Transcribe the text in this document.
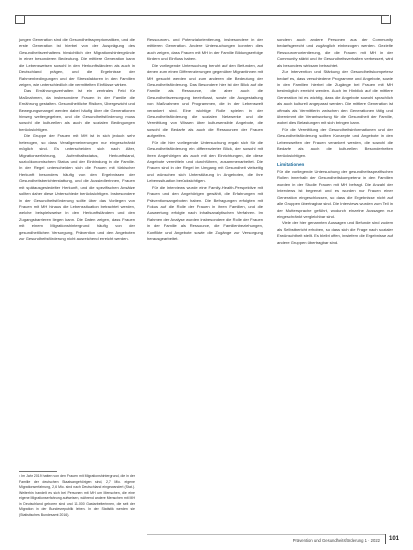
jungen Generation sind die Gesundheitssymptomatiken, und die erste Generation ist hierbei von der Ausprägung des Gesundheitsverhaltens hinsichtlich der Migrationshintergründe in einer besonderen Bedeutung. Die mittlere Generation kann die Lebensweisen sowohl in den Herkunftsländern als auch in Deutschland prägen, und die Ergebnisse der Rahmenbedingungen und der Stressfaktoren in den Familien zeigen, wie unterschiedlich die vermittelten Einflüsse wirken.

Das Ernährungsverhalten ist ein zentrales Feld für Maßnahmen, da insbesondere Frauen in der Familie die Ernährung gestalten. Gesundheitliche Risiken, Übergewicht und Bewegungsmangel werden dabei häufig über die Generationen hinweg weitergegeben, und die Gesundheitsförderung muss sowohl die kulturellen als auch die sozialen Bedingungen berücksichtigen.

Die Gruppe der Frauen mit MH ist in sich jedoch sehr heterogen, so dass Verallgemeinerungen nur eingeschränkt möglich sind. Es unterscheiden sich nach Alter, Migrationserfahrung, Aufenthaltsstatus, Herkunftsland, sozioökonomischem Status und der Einbindung in die Familie. In der Regel unterscheiden sich die Frauen mit türkischer Herkunft besonders häufig von den Ergebnissen der Gesundheitsberichterstattung, und die Aussiedlerinnen, Frauen mit spätausgesiedelter Herkunft, und die spezifischen Ansätze sollten daher diese Unterschiede berücksichtigen. Insbesondere in der Gesundheitsförderung sollte über das Vorliegen von Frauen mit MH hinaus die Lebenssituation betrachtet werden, welche beispielsweise in den Herkunftsländern und den Zugangsbarrieren liegen kann. Die Daten zeigen, dass Frauen mit einem Migrationshintergrund häufig von der gesundheitlichen Versorgung, Prävention und den Angeboten zur Gesundheitsförderung nicht ausreichend erreicht werden.

Ressourcen- und Potenzialorientierung, insbesondere in der mittleren Generation. Andere Untersuchungen konnten dies auch zeigen, dass Frauen mit MH in der Familie Bildungserfolge fördern und Einfluss haben.

Die vorliegende Untersuchung beruht auf den Befunden, auf denen zum einen Differenzierungen gegenüber Migrantinnen mit MH gesucht werden und zum anderen die Bedeutung der Gesundheitsförderung. Das Besondere hier ist der Blick auf die Familie als Ressource, die aber auch die Gesundheitsversorgung beeinflusst, sowie die Ausgestaltung von Maßnahmen und Programmen, die in der Lebenswelt verankert sind. Eine wichtige Rolle spielen in der Gesundheitsförderung die sozialen Netzwerke und die Vermittlung von Wissen über kultursensible Angebote, die sowohl die Bedarfe als auch die Ressourcen der Frauen aufgreifen.

Für die hier vorliegende Untersuchung ergab sich für die Gesundheitsförderung ein differenzierter Blick, der sowohl mit ihren Angehörigen als auch mit den Einrichtungen, die diese Angebote vermitteln und durchführen, zusammenarbeitet. Die Frauen sind in der Regel im Umgang mit Gesundheit vielseitig und wünschen sich Unterstützung in Angeboten, die ihre Lebenssituation berücksichtigen.

Für die Interviews wurde eine Family-Health-Perspektive mit Frauen und den Angehörigen gewählt, die Erfahrungen mit Präventionsangeboten haben. Die Befragungen erfolgten mit Fokus auf die Rolle der Frauen in ihren Familien, und die Auswertung erfolgte nach inhaltsanalytischen Verfahren. Im Rahmen der Analyse wurden insbesondere die Rolle der Frauen in der Familie als Ressource, die Familienbeziehungen, Konflikte und Angebote sowie die Zugänge zur Versorgung herausgearbeitet.

sondern auch andere Personen aus der Community bedarfsgerecht und zugänglich einbezogen werden. Gezielte Ressourcenorientierung, die die Frauen mit MH in der Community stärkt und ihr Gesundheitsverhalten verbessert, wird als besonders wirksam betrachtet.

Zur Intervention und Stärkung der Gesundheitskompetenz bedarf es, dass verschiedene Programme und Angebote, sowie in den Familien hierbei die Zugänge bei Frauen mit MH bestmöglich erreicht werden. Auch im Hinblick auf die mittlere Generation ist es wichtig, dass die Angebote sowohl sprachlich als auch kulturell angepasst werden. Die mittlere Generation ist oftmals als Vermittlerin zwischen den Generationen tätig und übernimmt die Verantwortung für die Gesundheit der Familie, wobei dies Belastungen mit sich bringen kann.

Für die Vermittlung der Gesundheitsinformationen und der Gesundheitsförderung sollten Konzepte und Angebote in den Lebenswelten der Frauen verankert werden, die sowohl die Bedarfe als auch die kulturellen Besonderheiten berücksichtigen.

Limitationen

Für die vorliegende Untersuchung der gesundheitsspezifischen Rollen innerhalb der Gesundheitskompetenz in den Familien wurden in der Studie Frauen mit MH befragt. Die Anzahl der Interviews ist begrenzt und es wurden nur Frauen einer Generation eingeschlossen, so dass die Ergebnisse nicht auf alle Gruppen übertragbar sind. Die Interviews wurden zum Teil in der Muttersprache geführt, wodurch einzelne Aussagen nur eingeschränkt vergleichbar sind.

Viele der hier genannten Aussagen und Befunde sind zudem als Selbstbericht erhoben, so dass sich die Frage nach sozialer Erwünschtheit stellt. Es bleibt offen, inwiefern die Ergebnisse auf andere Gruppen übertragbar sind.

¹ Im Jahr 2019 hatten von den Frauen mit Migrationshintergrund, die in der Familie der deutschen Staatsangehörigen sind, 2,7 Mio. eigene Migrationserfahrung, 2,6 Mio. sind nach Deutschland eingewandert (Stat.). Weiterhin handelt es sich bei Personen mit MH um Menschen, die eine eigene Migrationserfahrung aufweisen, während andere Menschen mit MH in Deutschland geboren sind und 11.000 Gastarbeiterinnen, die seit der Migration in der Bundesrepublik leben. In der Statistik werden sie (Statistisches Bundesamt 2016).
Prävention und Gesundheitsförderung 1 · 2022	101
